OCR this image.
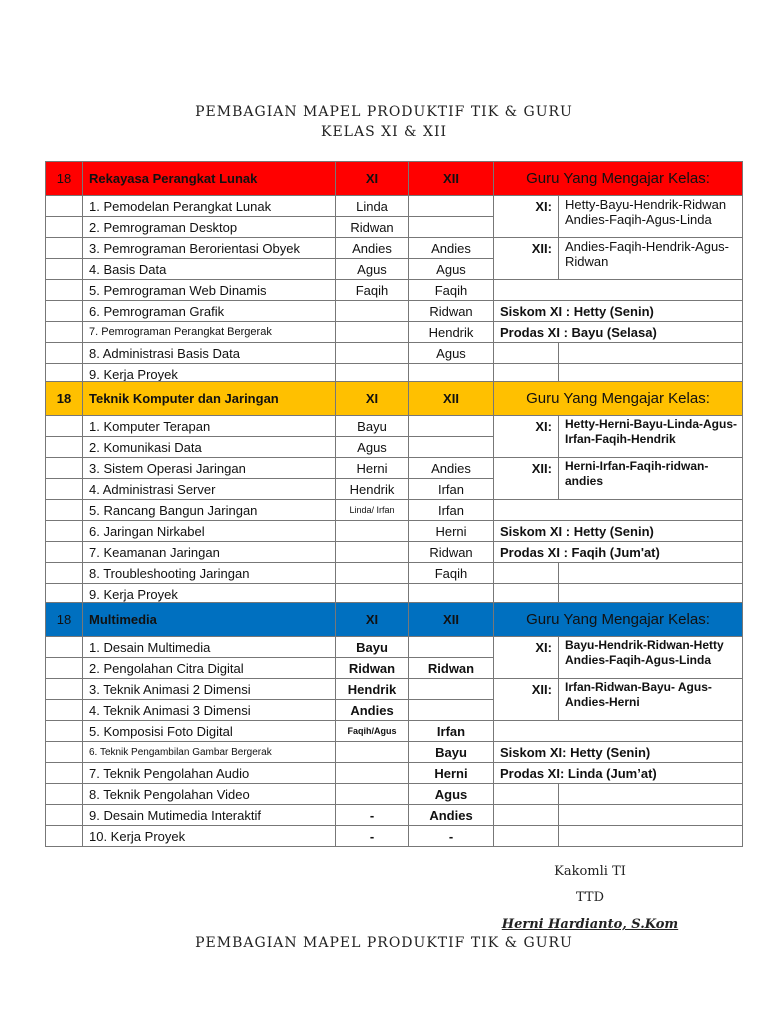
PEMBAGIAN MAPEL PRODUKTIF TIK & GURU
KELAS XI & XII
18	Rekayasa Perangkat Lunak	XI	XII	Guru Yang Mengajar Kelas:	
	1. Pemodelan Perangkat Lunak	Linda		XI:	Hetty-Bayu-Hendrik-Ridwan Andies-Faqih-Agus-Linda
	2. Pemrograman Desktop	Ridwan			
	3. Pemrograman Berorientasi Obyek	Andies	Andies	XII:	Andies-Faqih-Hendrik-Agus-Ridwan
	4. Basis Data	Agus	Agus		
	5. Pemrograman Web Dinamis	Faqih	Faqih		
	6. Pemrograman Grafik		Ridwan	Siskom XI : Hetty (Senin)	
	7. Pemrograman Perangkat Bergerak		Hendrik	Prodas XI : Bayu (Selasa)	
	8. Administrasi Basis Data		Agus		
	9. Kerja Proyek				
18	Teknik Komputer dan Jaringan	XI	XII	Guru Yang Mengajar Kelas:	
	1. Komputer Terapan	Bayu		XI:	Hetty-Herni-Bayu-Linda-Agus-Irfan-Faqih-Hendrik
	2. Komunikasi Data	Agus			
	3. Sistem Operasi Jaringan	Herni	Andies	XII:	Herni-Irfan-Faqih-ridwan-andies
	4. Administrasi Server	Hendrik	Irfan		
	5. Rancang Bangun Jaringan	Linda/ Irfan	Irfan		
	6. Jaringan Nirkabel		Herni	Siskom XI : Hetty (Senin)	
	7. Keamanan Jaringan		Ridwan	Prodas XI : Faqih (Jum'at)	
	8. Troubleshooting Jaringan		Faqih		
	9. Kerja Proyek				
18	Multimedia	XI	XII	Guru Yang Mengajar Kelas:	
	1. Desain Multimedia	Bayu		XI:	Bayu-Hendrik-Ridwan-Hetty Andies-Faqih-Agus-Linda
	2. Pengolahan Citra Digital	Ridwan	Ridwan		
	3. Teknik Animasi 2 Dimensi	Hendrik		XII:	Irfan-Ridwan-Bayu- Agus-Andies-Herni
	4. Teknik Animasi 3 Dimensi	Andies			
	5. Komposisi Foto Digital	Faqih/Agus	Irfan		
	6. Teknik Pengambilan Gambar Bergerak		Bayu	Siskom XI: Hetty (Senin)	
	7. Teknik Pengolahan Audio		Herni	Prodas XI: Linda (Jum’at)	
	8. Teknik Pengolahan Video		Agus		
	9. Desain Mutimedia Interaktif	-	Andies		
	10. Kerja Proyek	-	-		
Kakomli TI
TTD
Herni Hardianto, S.Kom
PEMBAGIAN MAPEL PRODUKTIF TIK & GURU
